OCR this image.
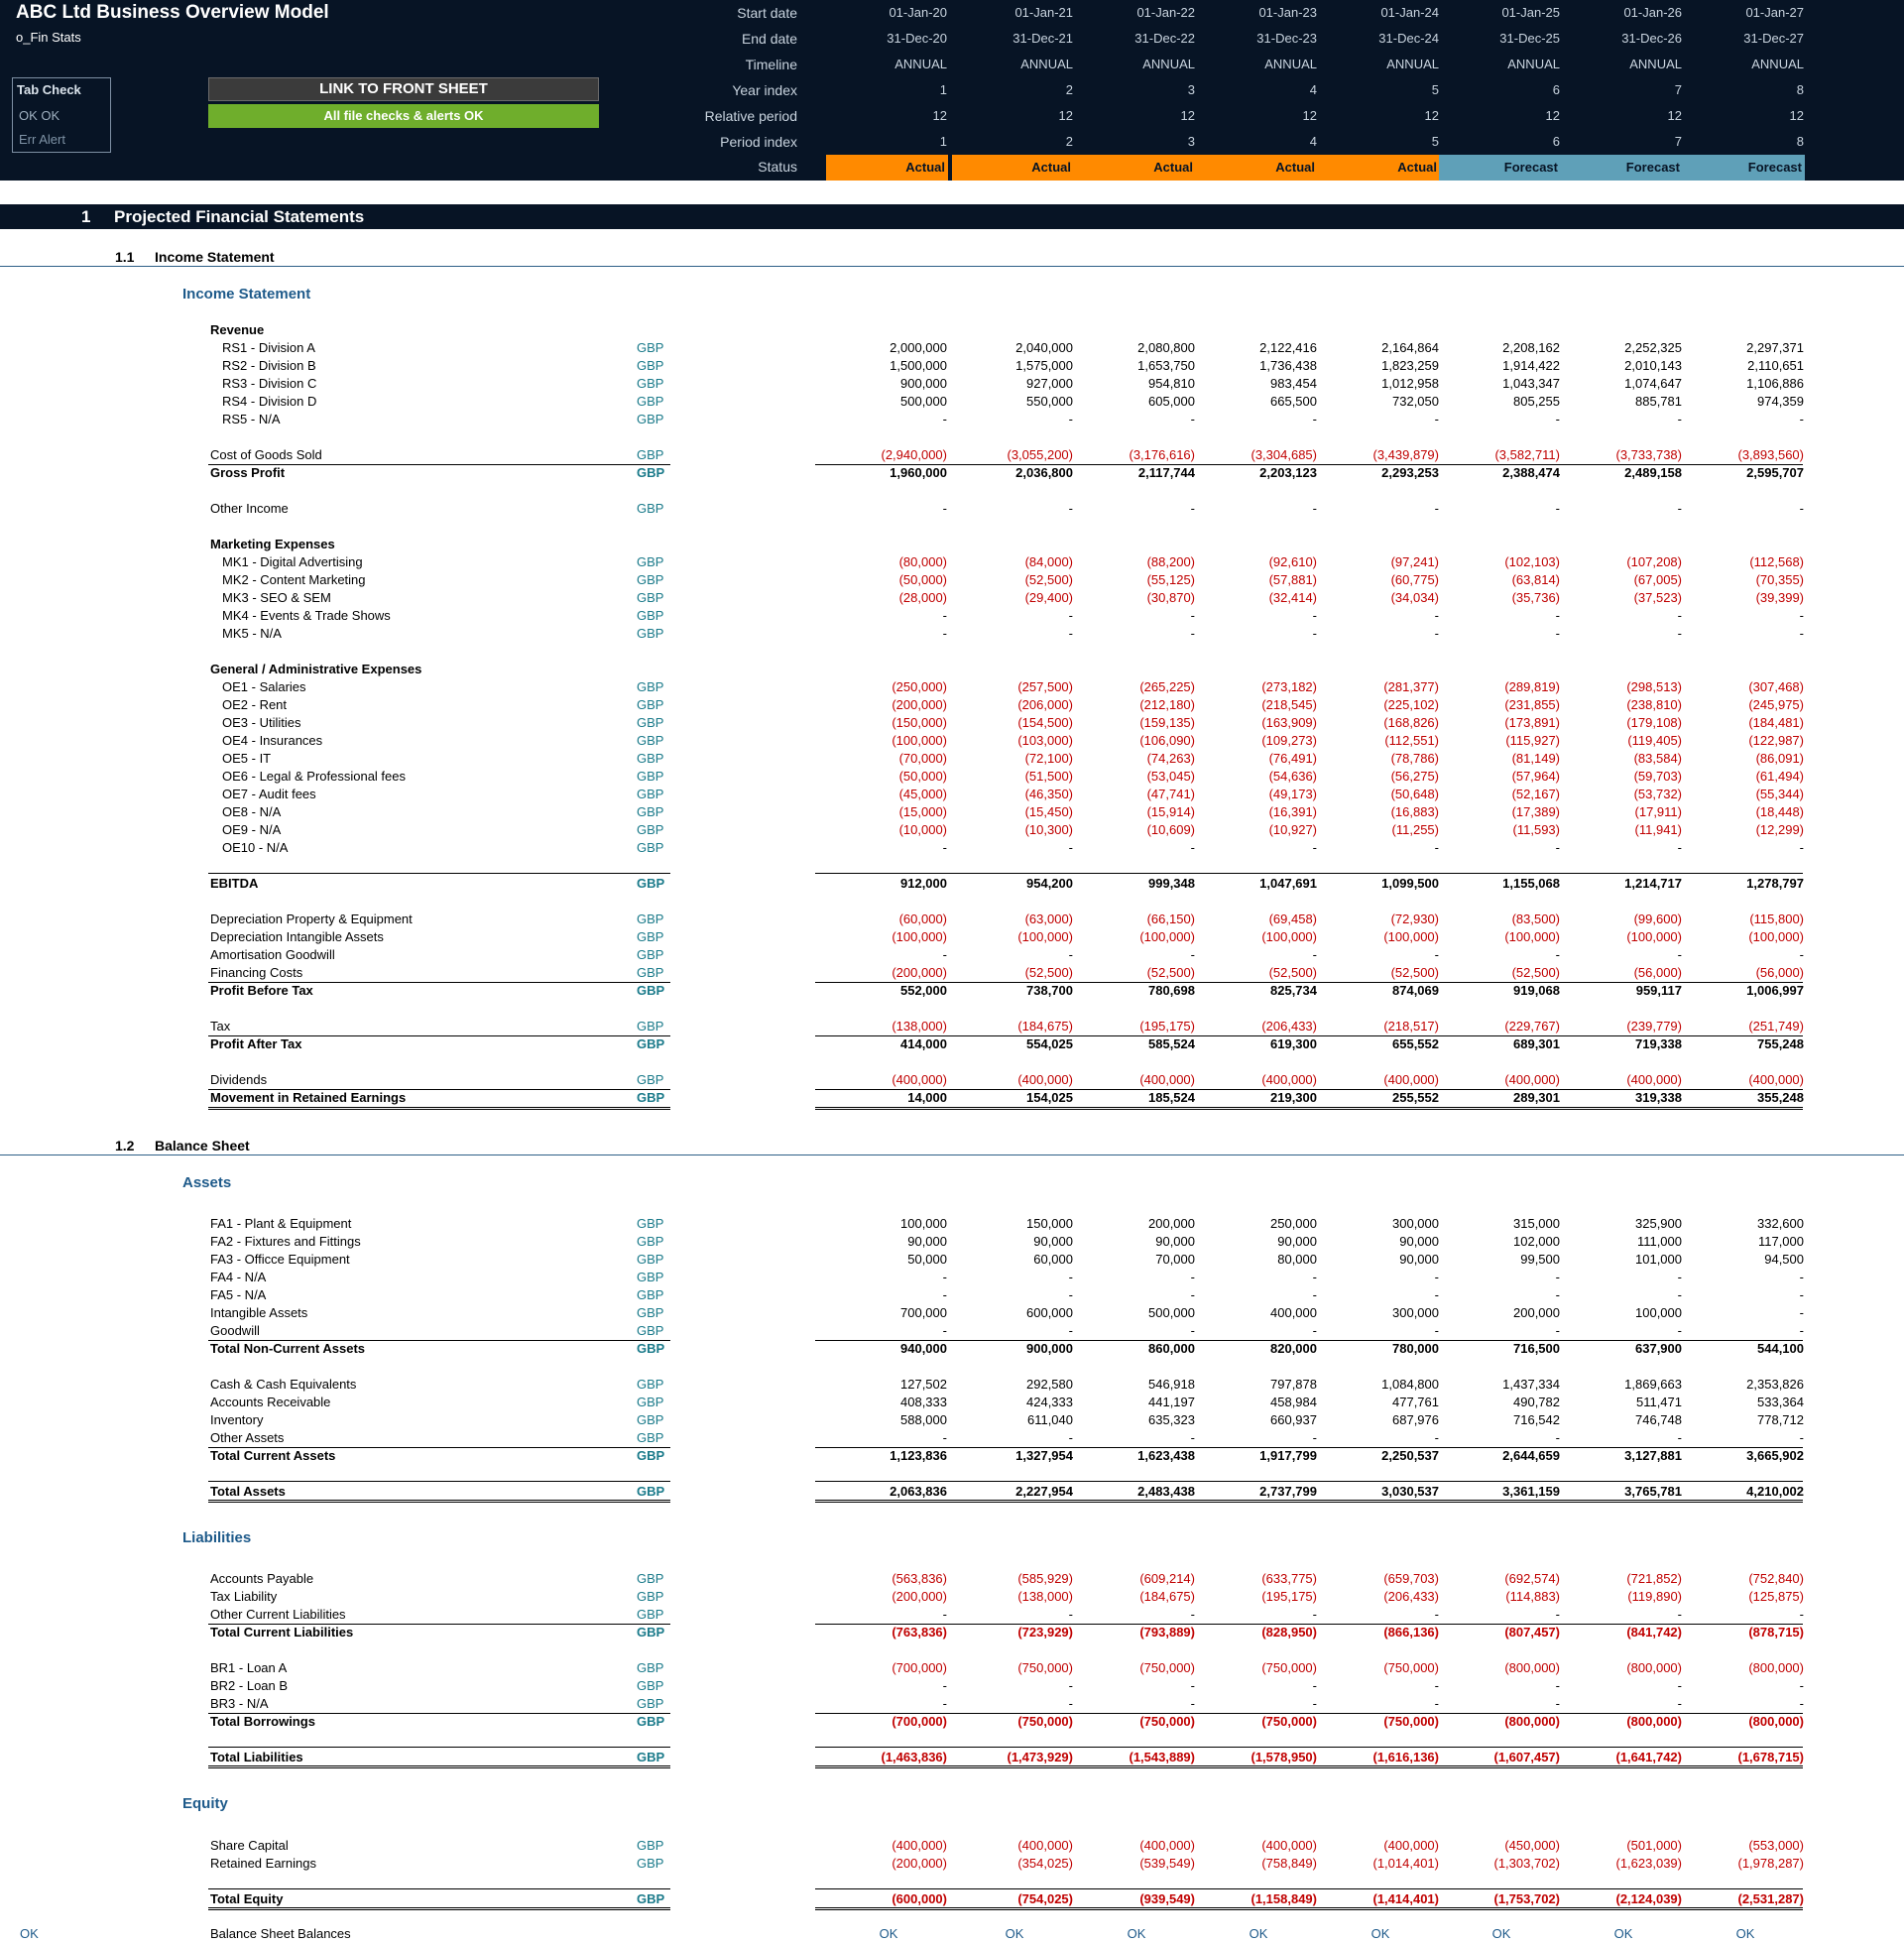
ABC Ltd Business Overview Model
o_Fin Stats
Tab Check
OK OK
Err Alert
LINK TO FRONT SHEET
All file checks & alerts OK
Start date	01-Jan-20	01-Jan-21	01-Jan-22	01-Jan-23	01-Jan-24	01-Jan-25	01-Jan-26	01-Jan-27
End date	31-Dec-20	31-Dec-21	31-Dec-22	31-Dec-23	31-Dec-24	31-Dec-25	31-Dec-26	31-Dec-27
Timeline	ANNUAL	ANNUAL	ANNUAL	ANNUAL	ANNUAL	ANNUAL	ANNUAL	ANNUAL
Year index	1	2	3	4	5	6	7	8
Relative period	12	12	12	12	12	12	12	12
Period index	1	2	3	4	5	6	7	8
Status	Actual	Actual	Actual	Actual	Actual	Forecast	Forecast	Forecast
1 Projected Financial Statements
1.1 Income Statement
Income Statement
1.2 Balance Sheet
Assets
Liabilities
Equity
Revenue
RS1 - Division A	GBP	2,000,000	2,040,000	2,080,800	2,122,416	2,164,864	2,208,162	2,252,325	2,297,371
RS2 - Division B	GBP	1,500,000	1,575,000	1,653,750	1,736,438	1,823,259	1,914,422	2,010,143	2,110,651
RS3 - Division C	GBP	900,000	927,000	954,810	983,454	1,012,958	1,043,347	1,074,647	1,106,886
RS4 - Division D	GBP	500,000	550,000	605,000	665,500	732,050	805,255	885,781	974,359
RS5 - N/A	GBP	-	-	-	-	-	-	-	-
Cost of Goods Sold	GBP	(2,940,000)	(3,055,200)	(3,176,616)	(3,304,685)	(3,439,879)	(3,582,711)	(3,733,738)	(3,893,560)
Gross Profit	GBP	1,960,000	2,036,800	2,117,744	2,203,123	2,293,253	2,388,474	2,489,158	2,595,707
Other Income	GBP	-	-	-	-	-	-	-	-
Marketing Expenses
MK1 - Digital Advertising	GBP	(80,000)	(84,000)	(88,200)	(92,610)	(97,241)	(102,103)	(107,208)	(112,568)
MK2 - Content Marketing	GBP	(50,000)	(52,500)	(55,125)	(57,881)	(60,775)	(63,814)	(67,005)	(70,355)
MK3 - SEO & SEM	GBP	(28,000)	(29,400)	(30,870)	(32,414)	(34,034)	(35,736)	(37,523)	(39,399)
MK4 - Events & Trade Shows	GBP	-	-	-	-	-	-	-	-
MK5 - N/A	GBP	-	-	-	-	-	-	-	-
General / Administrative Expenses
OE1 - Salaries	GBP	(250,000)	(257,500)	(265,225)	(273,182)	(281,377)	(289,819)	(298,513)	(307,468)
OE2 - Rent	GBP	(200,000)	(206,000)	(212,180)	(218,545)	(225,102)	(231,855)	(238,810)	(245,975)
OE3 - Utilities	GBP	(150,000)	(154,500)	(159,135)	(163,909)	(168,826)	(173,891)	(179,108)	(184,481)
OE4 - Insurances	GBP	(100,000)	(103,000)	(106,090)	(109,273)	(112,551)	(115,927)	(119,405)	(122,987)
OE5 - IT	GBP	(70,000)	(72,100)	(74,263)	(76,491)	(78,786)	(81,149)	(83,584)	(86,091)
OE6 - Legal & Professional fees	GBP	(50,000)	(51,500)	(53,045)	(54,636)	(56,275)	(57,964)	(59,703)	(61,494)
OE7 - Audit fees	GBP	(45,000)	(46,350)	(47,741)	(49,173)	(50,648)	(52,167)	(53,732)	(55,344)
OE8 - N/A	GBP	(15,000)	(15,450)	(15,914)	(16,391)	(16,883)	(17,389)	(17,911)	(18,448)
OE9 - N/A	GBP	(10,000)	(10,300)	(10,609)	(10,927)	(11,255)	(11,593)	(11,941)	(12,299)
OE10 - N/A	GBP	-	-	-	-	-	-	-	-
EBITDA	GBP	912,000	954,200	999,348	1,047,691	1,099,500	1,155,068	1,214,717	1,278,797
Depreciation Property & Equipment	GBP	(60,000)	(63,000)	(66,150)	(69,458)	(72,930)	(83,500)	(99,600)	(115,800)
Depreciation Intangible Assets	GBP	(100,000)	(100,000)	(100,000)	(100,000)	(100,000)	(100,000)	(100,000)	(100,000)
Amortisation Goodwill	GBP	-	-	-	-	-	-	-	-
Financing Costs	GBP	(200,000)	(52,500)	(52,500)	(52,500)	(52,500)	(52,500)	(56,000)	(56,000)
Profit Before Tax	GBP	552,000	738,700	780,698	825,734	874,069	919,068	959,117	1,006,997
Tax	GBP	(138,000)	(184,675)	(195,175)	(206,433)	(218,517)	(229,767)	(239,779)	(251,749)
Profit After Tax	GBP	414,000	554,025	585,524	619,300	655,552	689,301	719,338	755,248
Dividends	GBP	(400,000)	(400,000)	(400,000)	(400,000)	(400,000)	(400,000)	(400,000)	(400,000)
Movement in Retained Earnings	GBP	14,000	154,025	185,524	219,300	255,552	289,301	319,338	355,248
FA1 - Plant & Equipment	GBP	100,000	150,000	200,000	250,000	300,000	315,000	325,900	332,600
FA2 - Fixtures and Fittings	GBP	90,000	90,000	90,000	90,000	90,000	102,000	111,000	117,000
FA3 - Officce Equipment	GBP	50,000	60,000	70,000	80,000	90,000	99,500	101,000	94,500
FA4 - N/A	GBP	-	-	-	-	-	-	-	-
FA5 - N/A	GBP	-	-	-	-	-	-	-	-
Intangible Assets	GBP	700,000	600,000	500,000	400,000	300,000	200,000	100,000	-
Goodwill	GBP	-	-	-	-	-	-	-	-
Total Non-Current Assets	GBP	940,000	900,000	860,000	820,000	780,000	716,500	637,900	544,100
Cash & Cash Equivalents	GBP	127,502	292,580	546,918	797,878	1,084,800	1,437,334	1,869,663	2,353,826
Accounts Receivable	GBP	408,333	424,333	441,197	458,984	477,761	490,782	511,471	533,364
Inventory	GBP	588,000	611,040	635,323	660,937	687,976	716,542	746,748	778,712
Other Assets	GBP	-	-	-	-	-	-	-	-
Total Current Assets	GBP	1,123,836	1,327,954	1,623,438	1,917,799	2,250,537	2,644,659	3,127,881	3,665,902
Total Assets	GBP	2,063,836	2,227,954	2,483,438	2,737,799	3,030,537	3,361,159	3,765,781	4,210,002
Accounts Payable	GBP	(563,836)	(585,929)	(609,214)	(633,775)	(659,703)	(692,574)	(721,852)	(752,840)
Tax Liability	GBP	(200,000)	(138,000)	(184,675)	(195,175)	(206,433)	(114,883)	(119,890)	(125,875)
Other Current Liabilities	GBP	-	-	-	-	-	-	-	-
Total Current Liabilities	GBP	(763,836)	(723,929)	(793,889)	(828,950)	(866,136)	(807,457)	(841,742)	(878,715)
BR1 - Loan A	GBP	(700,000)	(750,000)	(750,000)	(750,000)	(750,000)	(800,000)	(800,000)	(800,000)
BR2 - Loan B	GBP	-	-	-	-	-	-	-	-
BR3 - N/A	GBP	-	-	-	-	-	-	-	-
Total Borrowings	GBP	(700,000)	(750,000)	(750,000)	(750,000)	(750,000)	(800,000)	(800,000)	(800,000)
Total Liabilities	GBP	(1,463,836)	(1,473,929)	(1,543,889)	(1,578,950)	(1,616,136)	(1,607,457)	(1,641,742)	(1,678,715)
Share Capital	GBP	(400,000)	(400,000)	(400,000)	(400,000)	(400,000)	(450,000)	(501,000)	(553,000)
Retained Earnings	GBP	(200,000)	(354,025)	(539,549)	(758,849)	(1,014,401)	(1,303,702)	(1,623,039)	(1,978,287)
Total Equity	GBP	(600,000)	(754,025)	(939,549)	(1,158,849)	(1,414,401)	(1,753,702)	(2,124,039)	(2,531,287)
Balance Sheet Balances	OK	OK	OK	OK	OK	OK	OK	OK
OK
